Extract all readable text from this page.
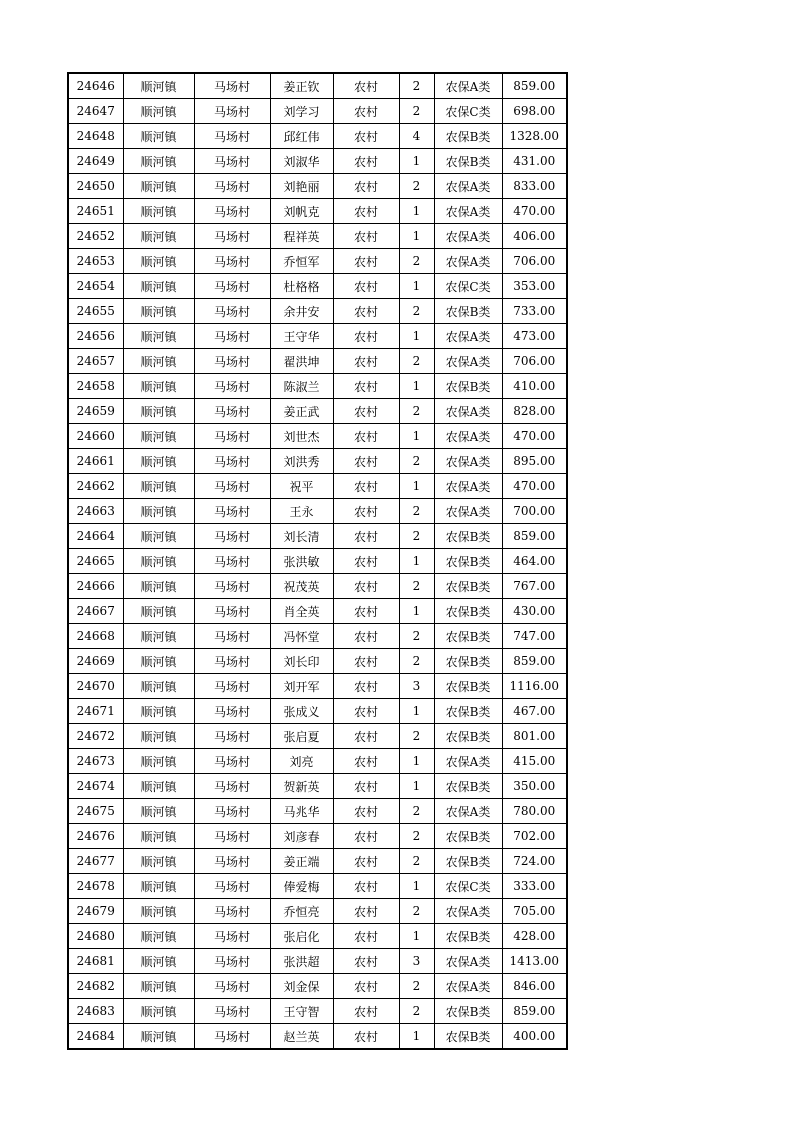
24646	顺河镇	马场村	姜正钦	农村	2	农保A类	859.00
24647	顺河镇	马场村	刘学习	农村	2	农保C类	698.00
24648	顺河镇	马场村	邱红伟	农村	4	农保B类	1328.00
24649	顺河镇	马场村	刘淑华	农村	1	农保B类	431.00
24650	顺河镇	马场村	刘艳丽	农村	2	农保A类	833.00
24651	顺河镇	马场村	刘帆克	农村	1	农保A类	470.00
24652	顺河镇	马场村	程祥英	农村	1	农保A类	406.00
24653	顺河镇	马场村	乔恒军	农村	2	农保A类	706.00
24654	顺河镇	马场村	杜格格	农村	1	农保C类	353.00
24655	顺河镇	马场村	余井安	农村	2	农保B类	733.00
24656	顺河镇	马场村	王守华	农村	1	农保A类	473.00
24657	顺河镇	马场村	翟洪坤	农村	2	农保A类	706.00
24658	顺河镇	马场村	陈淑兰	农村	1	农保B类	410.00
24659	顺河镇	马场村	姜正武	农村	2	农保A类	828.00
24660	顺河镇	马场村	刘世杰	农村	1	农保A类	470.00
24661	顺河镇	马场村	刘洪秀	农村	2	农保A类	895.00
24662	顺河镇	马场村	祝平	农村	1	农保A类	470.00
24663	顺河镇	马场村	王永	农村	2	农保A类	700.00
24664	顺河镇	马场村	刘长清	农村	2	农保B类	859.00
24665	顺河镇	马场村	张洪敏	农村	1	农保B类	464.00
24666	顺河镇	马场村	祝茂英	农村	2	农保B类	767.00
24667	顺河镇	马场村	肖全英	农村	1	农保B类	430.00
24668	顺河镇	马场村	冯怀堂	农村	2	农保B类	747.00
24669	顺河镇	马场村	刘长印	农村	2	农保B类	859.00
24670	顺河镇	马场村	刘开军	农村	3	农保B类	1116.00
24671	顺河镇	马场村	张成义	农村	1	农保B类	467.00
24672	顺河镇	马场村	张启夏	农村	2	农保B类	801.00
24673	顺河镇	马场村	刘亮	农村	1	农保A类	415.00
24674	顺河镇	马场村	贺新英	农村	1	农保B类	350.00
24675	顺河镇	马场村	马兆华	农村	2	农保A类	780.00
24676	顺河镇	马场村	刘彦春	农村	2	农保B类	702.00
24677	顺河镇	马场村	姜正端	农村	2	农保B类	724.00
24678	顺河镇	马场村	俸爱梅	农村	1	农保C类	333.00
24679	顺河镇	马场村	乔恒亮	农村	2	农保A类	705.00
24680	顺河镇	马场村	张启化	农村	1	农保B类	428.00
24681	顺河镇	马场村	张洪超	农村	3	农保A类	1413.00
24682	顺河镇	马场村	刘金保	农村	2	农保A类	846.00
24683	顺河镇	马场村	王守智	农村	2	农保B类	859.00
24684	顺河镇	马场村	赵兰英	农村	1	农保B类	400.00
